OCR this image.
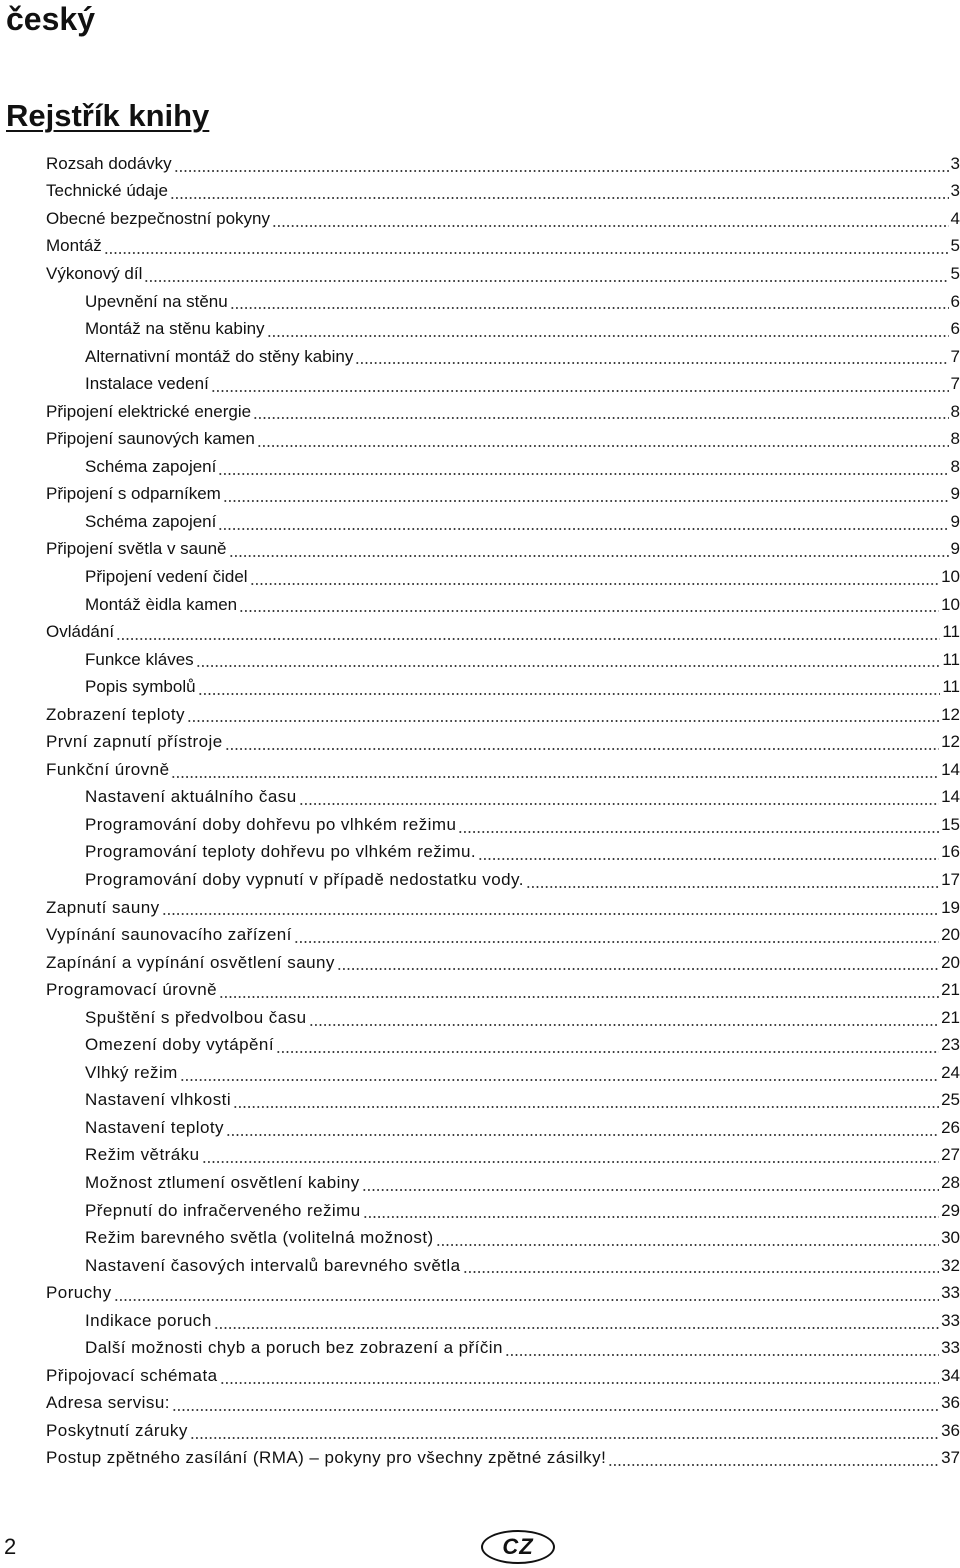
český
Rejstřík knihy
Rozsah dodávky	3
Technické údaje	3
Obecné bezpečnostní pokyny	4
Montáž	5
Výkonový díl	5
Upevnění na stěnu	6
Montáž na stěnu kabiny	6
Alternativní montáž do stěny kabiny	7
Instalace vedení	7
Připojení elektrické energie	8
Připojení saunových kamen	8
Schéma zapojení	8
Připojení s odparníkem	9
Schéma zapojení	9
Připojení světla v sauně	9
Připojení vedení čidel	10
Montáž èidla kamen	10
Ovládání	11
Funkce kláves	11
Popis symbolů	11
Zobrazení teploty	12
První zapnutí přístroje	12
Funkční úrovně	14
Nastavení aktuálního času	14
Programování doby dohřevu po vlhkém režimu	15
Programování teploty dohřevu po vlhkém režimu.	16
Programování doby vypnutí v případě nedostatku vody.	17
Zapnutí sauny	19
Vypínání saunovacího zařízení	20
Zapínání a vypínání osvětlení sauny	20
Programovací úrovně	21
Spuštění s předvolbou času	21
Omezení doby vytápění	23
Vlhký režim	24
Nastavení vlhkosti	25
Nastavení teploty	26
Režim větráku	27
Možnost ztlumení osvětlení kabiny	28
Přepnutí do infračerveného režimu	29
Režim barevného světla (volitelná možnost)	30
Nastavení časových intervalů barevného světla	32
Poruchy	33
Indikace poruch	33
Další možnosti chyb a poruch bez zobrazení a příčin	33
Připojovací schémata	34
Adresa servisu:	36
Poskytnutí záruky	36
Postup zpětného zasílání (RMA) – pokyny pro všechny zpětné zásilky!	37
2	CZ
